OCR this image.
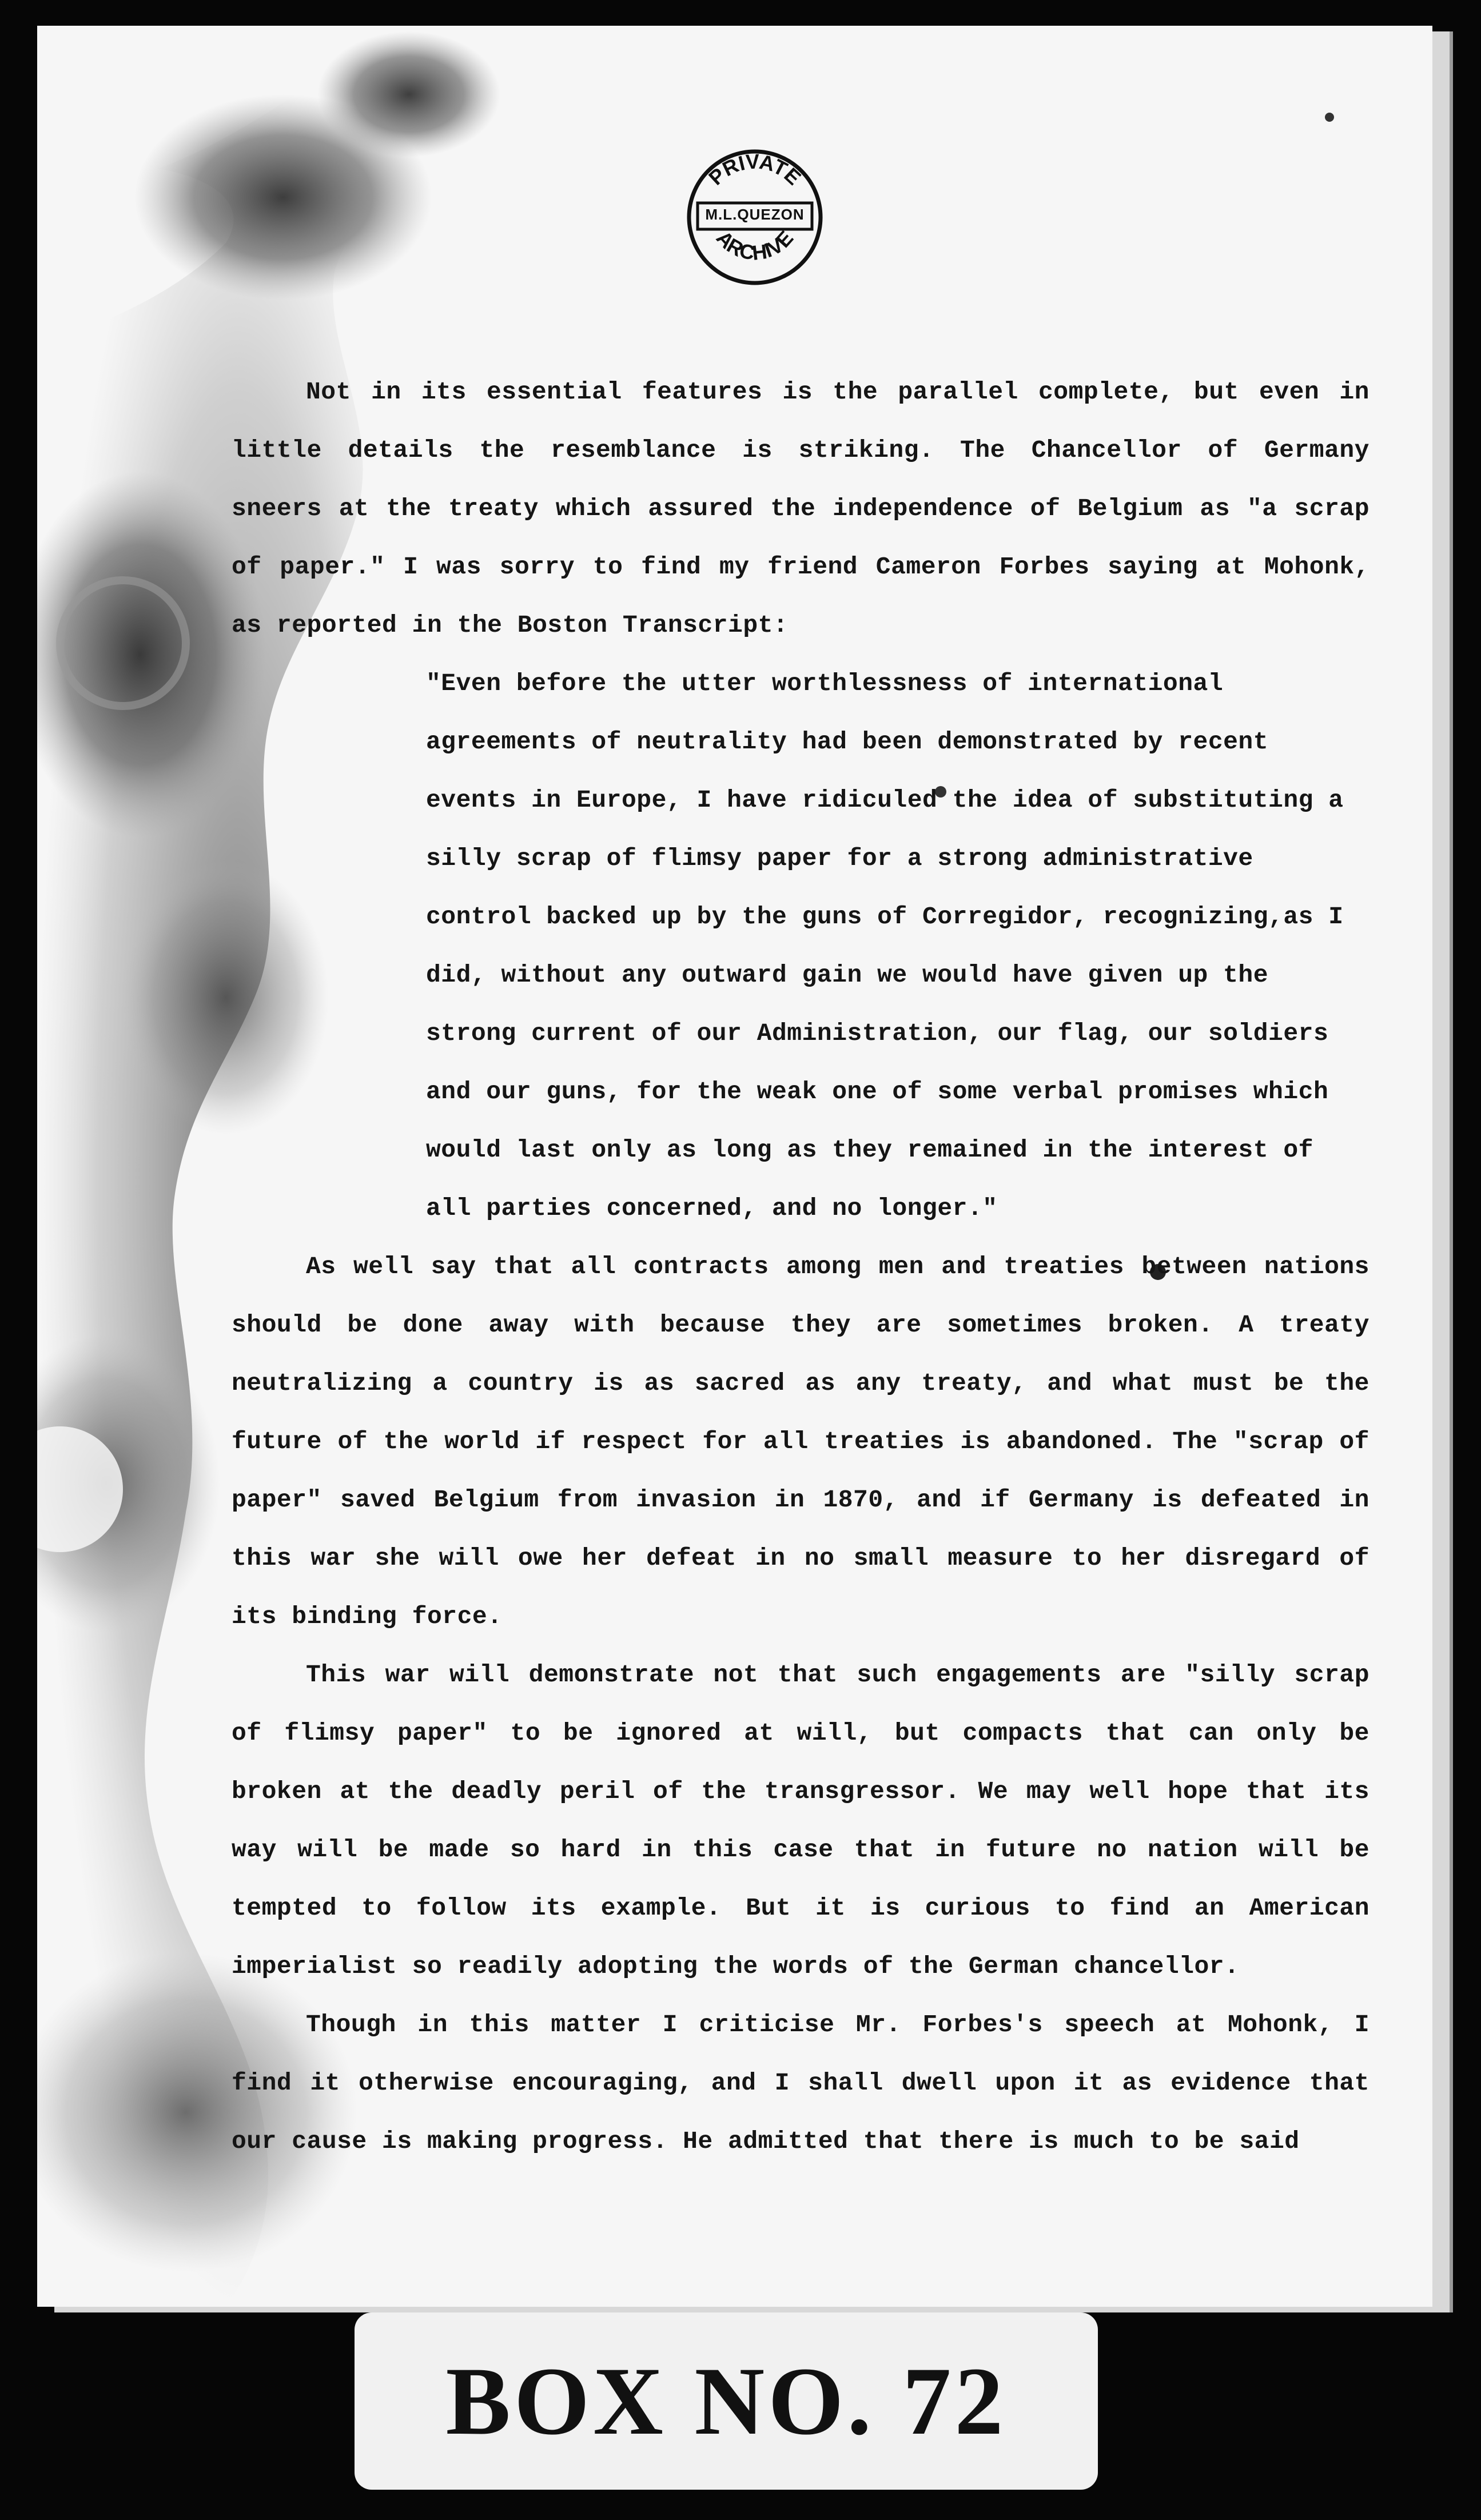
PRIVATE
ARCHIVE
M.L.QUEZON

Not in its essential features is the parallel complete, but even in little details the resemblance is striking. The Chancellor of Germany sneers at the treaty which assured the independence of Belgium as "a scrap of paper." I was sorry to find my friend Cameron Forbes saying at Mohonk, as reported in the Boston Transcript:

"Even before the utter worthlessness of international agreements of neutrality had been demonstrated by recent events in Europe, I have ridiculed the idea of substituting a silly scrap of flimsy paper for a strong administrative control backed up by the guns of Corregidor, recognizing,as I did, without any outward gain we would have given up the strong current of our Administration, our flag, our soldiers and our guns, for the weak one of some verbal promises which would last only as long as they remained in the interest of all parties concerned, and no longer."

As well say that all contracts among men and treaties between nations should be done away with because they are sometimes broken. A treaty neutralizing a country is as sacred as any treaty, and what must be the future of the world if respect for all treaties is abandoned. The "scrap of paper" saved Belgium from invasion in 1870, and if Germany is defeated in this war she will owe her defeat in no small measure to her disregard of its binding force.

This war will demonstrate not that such engagements are "silly scrap of flimsy paper" to be ignored at will, but compacts that can only be broken at the deadly peril of the transgressor. We may well hope that its way will be made so hard in this case that in future no nation will be tempted to follow its example. But it is curious to find an American imperialist so readily adopting the words of the German chancellor.

Though in this matter I criticise Mr. Forbes's speech at Mohonk, I find it otherwise encouraging, and I shall dwell upon it as evidence that our cause is making progress. He admitted that there is much to be said

BOX NO. 72
